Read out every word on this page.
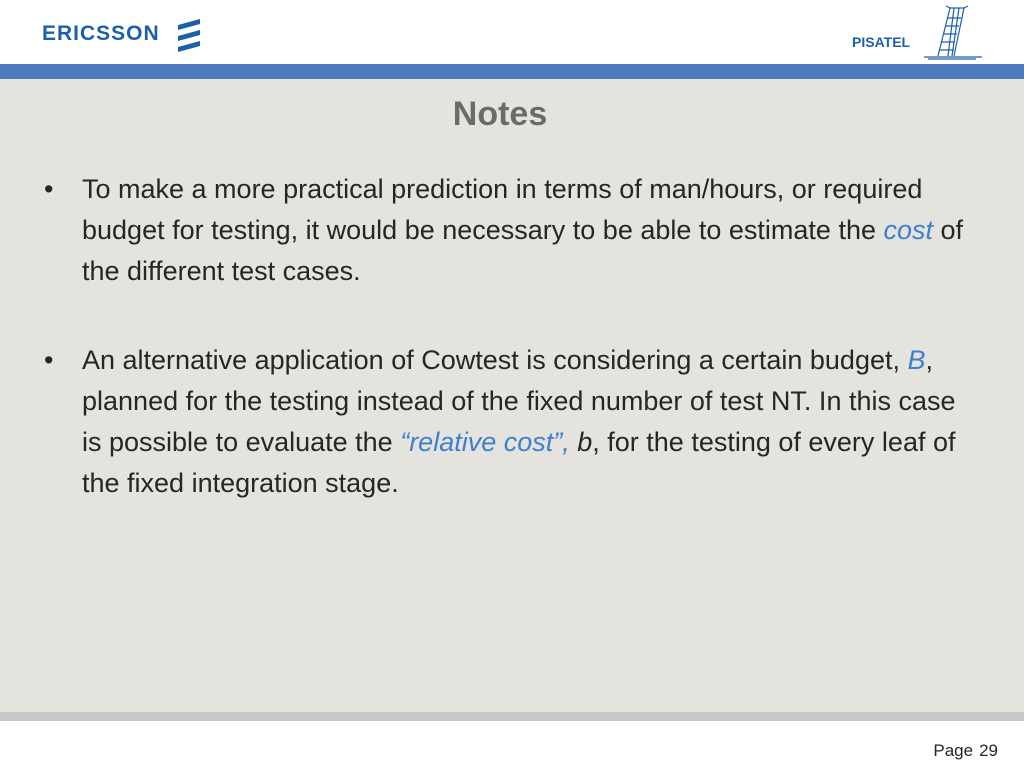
ERICSSON	PISATEL
Notes
• To make a more practical prediction in terms of man/hours, or required budget for testing, it would be necessary to be able to estimate the cost of the different test cases.
• An alternative application of Cowtest is considering a certain budget, B, planned for the testing instead of the fixed number of test NT. In this case is possible to evaluate the “relative cost”, b, for the testing of every leaf of the fixed integration stage.
Page 29
